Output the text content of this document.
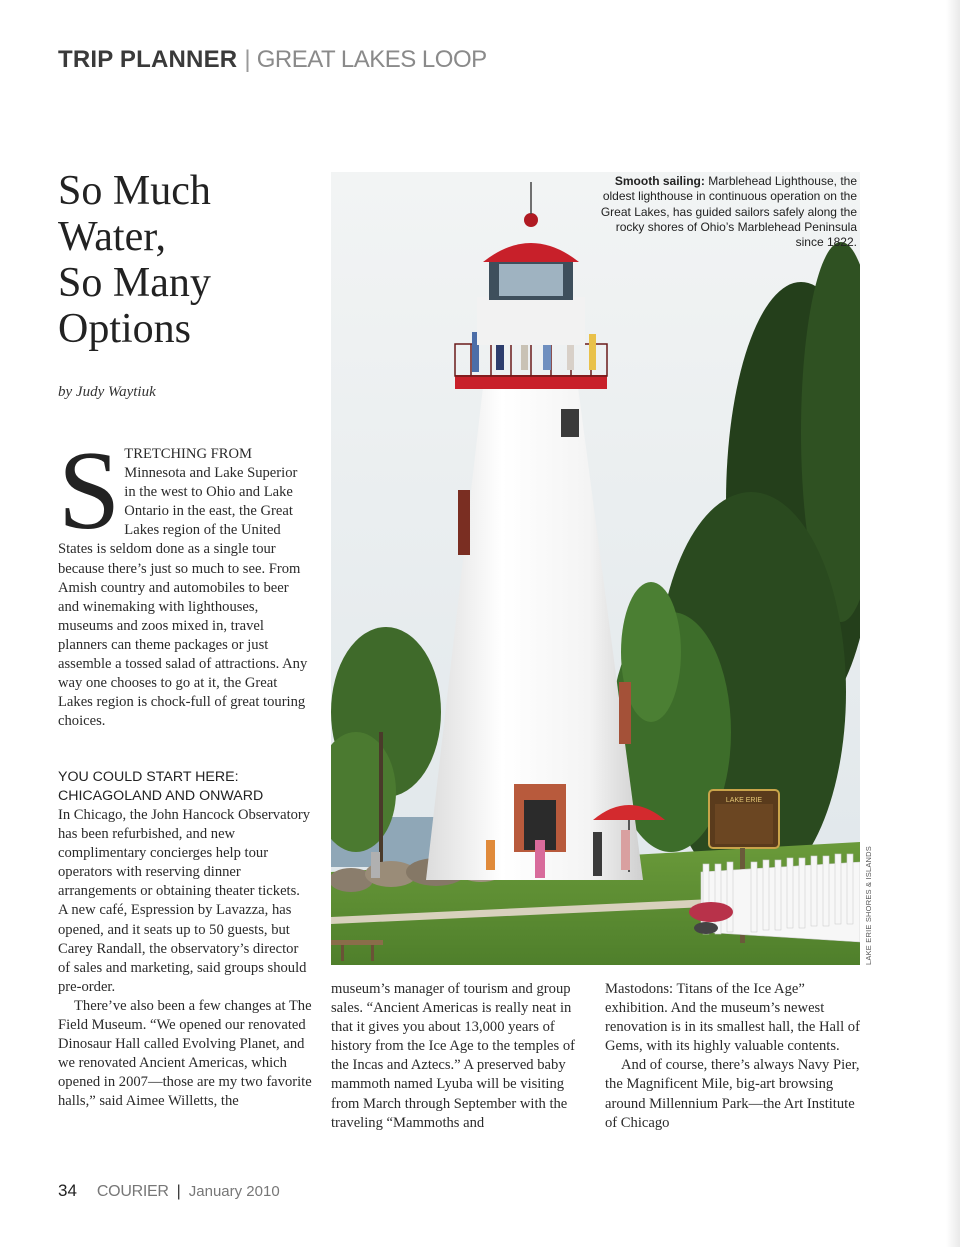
TRIP PLANNER | GREAT LAKES LOOP
So Much
Water,
So Many
Options
by Judy Waytiuk
STRETCHING FROM Minnesota and Lake Superior in the west to Ohio and Lake Ontario in the east, the Great Lakes region of the United States is seldom done as a single tour because there’s just so much to see. From Amish country and automobiles to beer and winemaking with lighthouses, museums and zoos mixed in, travel planners can theme packages or just assemble a tossed salad of attractions. Any way one chooses to go at it, the Great Lakes region is chock-full of great touring choices.
YOU COULD START HERE:
CHICAGOLAND AND ONWARD

In Chicago, the John Hancock Observatory has been refurbished, and new complimentary concierges help tour operators with reserving dinner arrangements or obtaining theater tickets. A new café, Espression by Lavazza, has opened, and it seats up to 50 guests, but Carey Randall, the observatory’s director of sales and marketing, said groups should pre-order.

There’ve also been a few changes at The Field Museum. “We opened our renovated Dinosaur Hall called Evolving Planet, and we renovated Ancient Americas, which opened in 2007—those are my two favorite halls,” said Aimee Willetts, the

museum’s manager of tourism and group sales. “Ancient Americas is really neat in that it gives you about 13,000 years of history from the Ice Age to the temples of the Incas and Aztecs.” A preserved baby mammoth named Lyuba will be visiting from March through September with the traveling “Mammoths and

Mastodons: Titans of the Ice Age” exhibition. And the museum’s newest renovation is in its smallest hall, the Hall of Gems, with its highly valuable contents.

And of course, there’s always Navy Pier, the Magnificent Mile, big-art browsing around Millennium Park—the Art Institute of Chicago

LAKE ERIE
Smooth sailing: Marblehead Lighthouse, the oldest lighthouse in continuous operation on the Great Lakes, has guided sailors safely along the rocky shores of Ohio’s Marblehead Peninsula since 1822.
LAKE ERIE SHORES & ISLANDS
34 COURIER | January 2010
